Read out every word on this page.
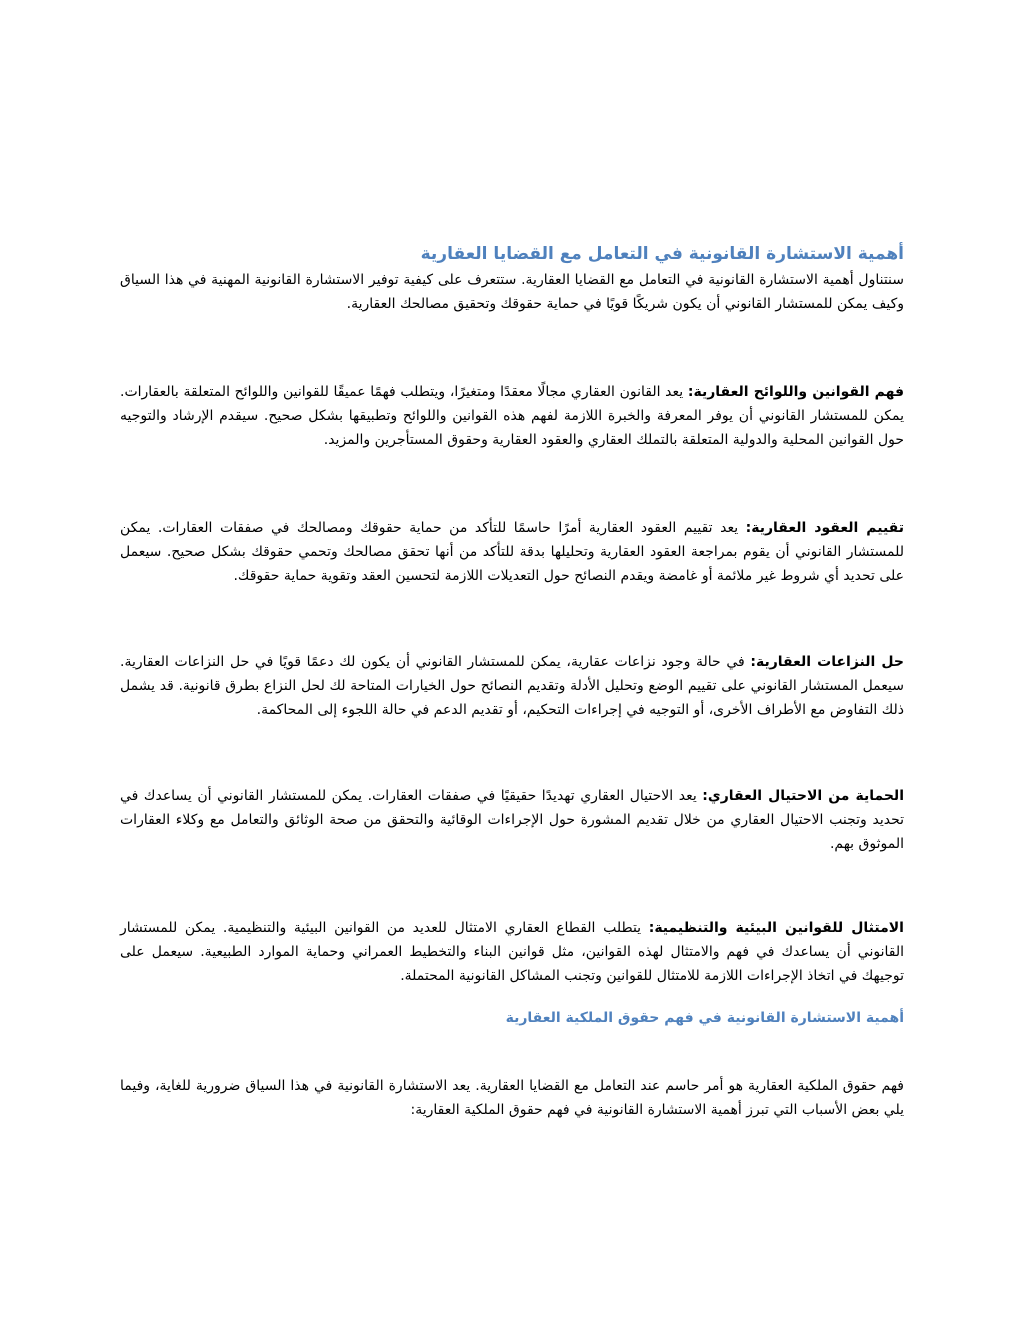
أهمية الاستشارة القانونية في التعامل مع القضايا العقارية
سنتناول أهمية الاستشارة القانونية في التعامل مع القضايا العقارية. ستتعرف على كيفية توفير الاستشارة القانونية المهنية في هذا السياق وكيف يمكن للمستشار القانوني أن يكون شريكًا قويًا في حماية حقوقك وتحقيق مصالحك العقارية.
فهم القوانين واللوائح العقارية: يعد القانون العقاري مجالًا معقدًا ومتغيرًا، ويتطلب فهمًا عميقًا للقوانين واللوائح المتعلقة بالعقارات. يمكن للمستشار القانوني أن يوفر المعرفة والخبرة اللازمة لفهم هذه القوانين واللوائح وتطبيقها بشكل صحيح. سيقدم الإرشاد والتوجيه حول القوانين المحلية والدولية المتعلقة بالتملك العقاري والعقود العقارية وحقوق المستأجرين والمزيد.
تقييم العقود العقارية: يعد تقييم العقود العقارية أمرًا حاسمًا للتأكد من حماية حقوقك ومصالحك في صفقات العقارات. يمكن للمستشار القانوني أن يقوم بمراجعة العقود العقارية وتحليلها بدقة للتأكد من أنها تحقق مصالحك وتحمي حقوقك بشكل صحيح. سيعمل على تحديد أي شروط غير ملائمة أو غامضة ويقدم النصائح حول التعديلات اللازمة لتحسين العقد وتقوية حماية حقوقك.
حل النزاعات العقارية: في حالة وجود نزاعات عقارية، يمكن للمستشار القانوني أن يكون لك دعمًا قويًا في حل النزاعات العقارية. سيعمل المستشار القانوني على تقييم الوضع وتحليل الأدلة وتقديم النصائح حول الخيارات المتاحة لك لحل النزاع بطرق قانونية. قد يشمل ذلك التفاوض مع الأطراف الأخرى، أو التوجيه في إجراءات التحكيم، أو تقديم الدعم في حالة اللجوء إلى المحاكمة.
الحماية من الاحتيال العقاري: يعد الاحتيال العقاري تهديدًا حقيقيًا في صفقات العقارات. يمكن للمستشار القانوني أن يساعدك في تحديد وتجنب الاحتيال العقاري من خلال تقديم المشورة حول الإجراءات الوقائية والتحقق من صحة الوثائق والتعامل مع وكلاء العقارات الموثوق بهم.
الامتثال للقوانين البيئية والتنظيمية: يتطلب القطاع العقاري الامتثال للعديد من القوانين البيئية والتنظيمية. يمكن للمستشار القانوني أن يساعدك في فهم والامتثال لهذه القوانين، مثل قوانين البناء والتخطيط العمراني وحماية الموارد الطبيعية. سيعمل على توجيهك في اتخاذ الإجراءات اللازمة للامتثال للقوانين وتجنب المشاكل القانونية المحتملة.
أهمية الاستشارة القانونية في فهم حقوق الملكية العقارية
فهم حقوق الملكية العقارية هو أمر حاسم عند التعامل مع القضايا العقارية. يعد الاستشارة القانونية في هذا السياق ضرورية للغاية، وفيما يلي بعض الأسباب التي تبرز أهمية الاستشارة القانونية في فهم حقوق الملكية العقارية:
